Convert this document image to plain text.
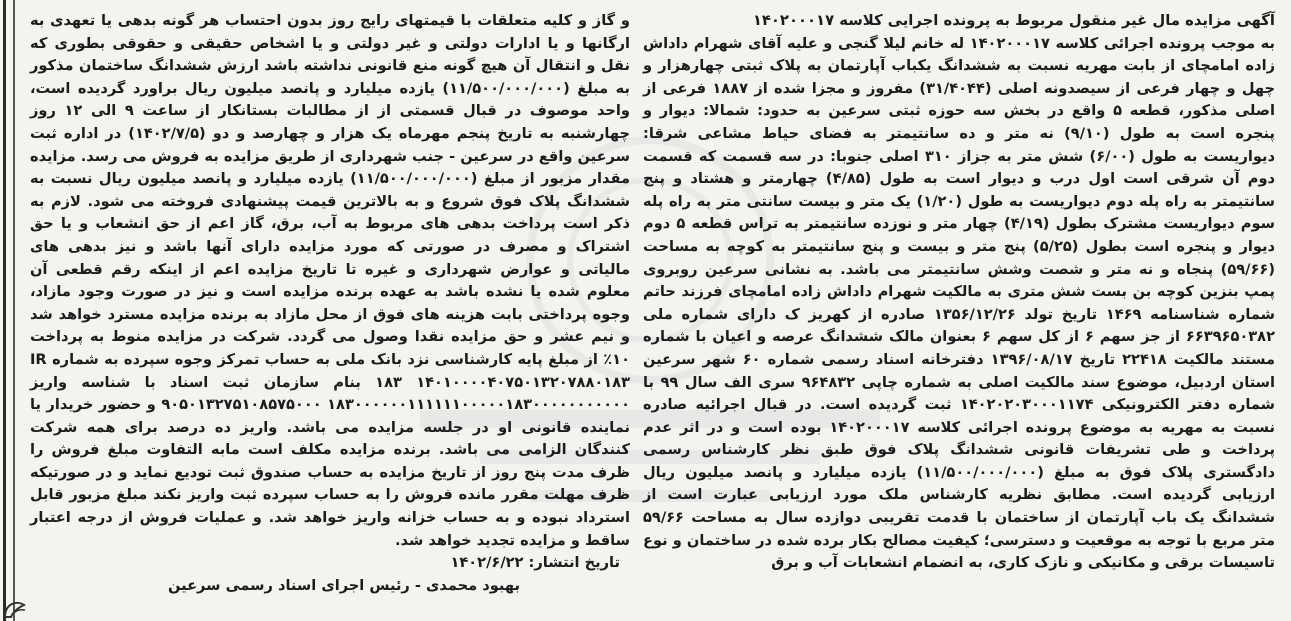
آگهی مزایده مال غیر منقول مربوط به پرونده اجرایی کلاسه ۱۴۰۲۰۰۰۱۷

به موجب پرونده اجرائی کلاسه ۱۴۰۲۰۰۰۱۷ له خانم لیلا گنجی و علیه آقای شهرام داداش زاده امامچای از بابت مهریه نسبت به ششدانگ یکباب آپارتمان به پلاک ثبتی چهارهزار و چهل و چهار فرعی از سیصدونه اصلی (۳۱/۴۰۴۴) مفروز و مجزا شده از ۱۸۸۷ فرعی از اصلی مذکور، قطعه ۵ واقع در بخش سه حوزه ثبتی سرعین به حدود: شمالا: دیوار و پنجره است به طول (۹/۱۰) نه متر و ده سانتیمتر به فضای حیاط مشاعی شرقا: دیواریست به طول (۶/۰۰) شش متر به جزاز ۳۱۰ اصلی جنوبا: در سه قسمت که قسمت دوم آن شرقی است اول درب و دیوار است به طول (۴/۸۵) چهارمتر و هشتاد و پنج سانتیمتر به راه پله دوم دیواریست به طول (۱/۲۰) یک متر و بیست سانتی متر به راه پله سوم دیواریست مشترک بطول (۴/۱۹) چهار متر و نوزده سانتیمتر به تراس قطعه ۵ دوم دیوار و پنجره است بطول (۵/۲۵) پنج متر و بیست و پنج سانتیمتر به کوچه به مساحت (۵۹/۶۶) پنجاه و نه متر و شصت وشش سانتیمتر می باشد. به نشانی سرعین روبروی پمپ بنزین کوچه بن بست شش متری به مالکیت شهرام داداش زاده امامچای فرزند حاتم شماره شناسنامه ۱۴۶۹ تاریخ تولد ۱۳۵۶/۱۲/۲۶ صادره از کهریز ک دارای شماره ملی ۶۶۳۹۶۵۰۳۸۲ از جز سهم ۶ از کل سهم ۶ بعنوان مالک ششدانگ عرصه و اعیان با شماره مستند مالکیت ۲۲۴۱۸ تاریخ ۱۳۹۶/۰۸/۱۷ دفترخانه اسناد رسمی شماره ۶۰ شهر سرعین استان اردبیل، موضوع سند مالکیت اصلی به شماره چاپی ۹۶۴۸۳۲ سری الف سال ۹۹ با شماره دفتر الکترونیکی ۱۴۰۲۰۲۰۳۰۰۰۱۱۷۴ ثبت گردیده است. در قبال اجرائیه صادره نسبت به مهریه به موضوع پرونده اجرائی کلاسه ۱۴۰۲۰۰۰۱۷ بوده است و در اثر عدم پرداخت و طی تشریفات قانونی ششدانگ پلاک فوق طبق نظر کارشناس رسمی دادگستری پلاک فوق به مبلغ (۱۱/۵۰۰/۰۰۰/۰۰۰) یازده میلیارد و پانصد میلیون ریال ارزیابی گردیده است. مطابق نظریه کارشناس ملک مورد ارزیابی عبارت است از ششدانگ یک باب آپارتمان از ساختمان با قدمت تقریبی دوازده سال به مساحت ۵۹/۶۶ متر مربع با توجه به موقعیت و دسترسی؛ کیفیت مصالح بکار برده شده در ساختمان و نوع تاسیسات برقی و مکانیکی و نازک کاری، به انضمام انشعابات آب و برق

و گاز و کلیه متعلقات با قیمتهای رایج روز بدون احتساب هر گونه بدهی یا تعهدی به ارگانها و یا ادارات دولتی و غیر دولتی و یا اشخاص حقیقی و حقوقی بطوری که نقل و انتقال آن هیچ گونه منع قانونی نداشته باشد ارزش ششدانگ ساختمان مذکور به مبلغ (۱۱/۵۰۰/۰۰۰/۰۰۰) یازده میلیارد و پانصد میلیون ریال براورد گردیده است، واحد موصوف در قبال قسمتی از از مطالبات بستانکار از ساعت ۹ الی ۱۲ روز چهارشنبه به تاریخ پنجم مهرماه یک هزار و چهارصد و دو (۱۴۰۲/۷/۵) در اداره ثبت سرعین واقع در سرعین - جنب شهرداری از طریق مزایده به فروش می رسد. مزایده مقدار مزبور از مبلغ (۱۱/۵۰۰/۰۰۰/۰۰۰) یازده میلیارد و پانصد میلیون ریال نسبت به ششدانگ پلاک فوق شروع و به بالاترین قیمت پیشنهادی فروخته می شود. لازم به ذکر است پرداخت بدهی های مربوط به آب، برق، گاز اعم از حق انشعاب و یا حق اشتراک و مصرف در صورتی که مورد مزایده دارای آنها باشد و نیز بدهی های مالیاتی و عوارض شهرداری و غیره تا تاریخ مزایده اعم از اینکه رقم قطعی آن معلوم شده یا نشده باشد به عهده برنده مزایده است و نیز در صورت وجود مازاد، وجوه پرداختی بابت هزینه های فوق از محل مازاد به برنده مزایده مسترد خواهد شد و نیم عشر و حق مزایده نقدا وصول می گردد. شرکت در مزایده منوط به پرداخت ۱۰٪ از مبلغ پایه کارشناسی نزد بانک ملی به حساب تمرکز وجوه سپرده به شماره IR ۱۸۳ ۱۴۰۱۰۰۰۰۴۰۷۵۰۱۳۲۰۷۸۸۰۱۸۳ بنام سازمان ثبت اسناد با شناسه واریز ۱۸۳۰۰۰۰۰۰۱۱۱۱۱۱۰۰۰۰۰۱۸۳۰۰۰۰۰۰۰۰۰۰۰ ۹۰۵۰۱۳۲۷۵۱۰۸۵۷۵۰۰۰ و حضور خریدار یا نماینده قانونی او در جلسه مزایده می باشد. واریز ده درصد برای همه شرکت کنندگان الزامی می باشد. برنده مزایده مکلف است مابه التفاوت مبلغ فروش را ظرف مدت پنج روز از تاریخ مزایده به حساب صندوق ثبت تودیع نماید و در صورتیکه ظرف مهلت مقرر مانده فروش را به حساب سپرده ثبت واریز نکند مبلغ مزبور قابل استرداد نبوده و به حساب خزانه واریز خواهد شد. و عملیات فروش از درجه اعتبار ساقط و مزایده تجدید خواهد شد.

تاریخ انتشار: ۱۴۰۲/۶/۲۲
بهبود محمدی - رئیس اجرای اسناد رسمی سرعین
